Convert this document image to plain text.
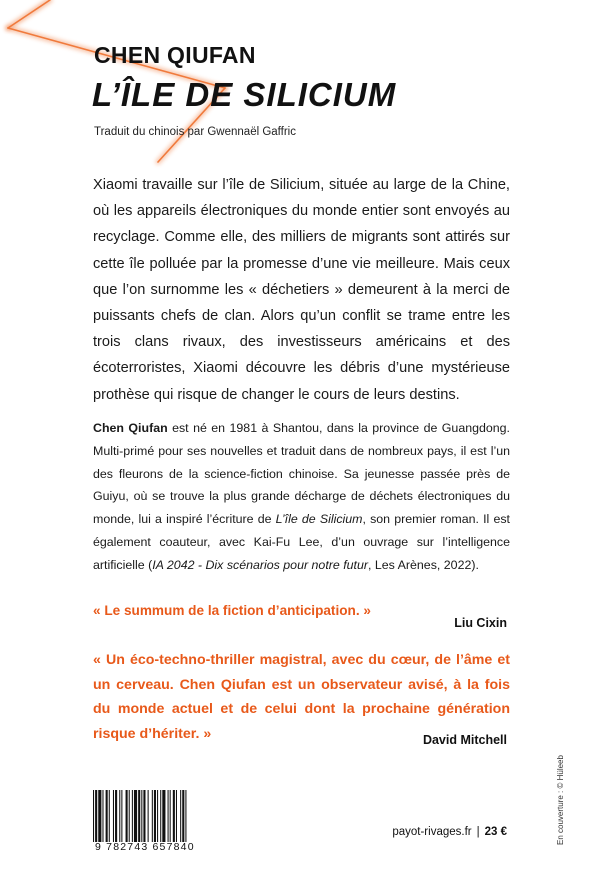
CHEN QIUFAN
L’ÎLE DE SILICIUM
Traduit du chinois par Gwennaël Gaffric
Xiaomi travaille sur l’île de Silicium, située au large de la Chine, où les appareils électroniques du monde entier sont envoyés au recyclage. Comme elle, des milliers de migrants sont attirés sur cette île polluée par la promesse d’une vie meilleure. Mais ceux que l’on surnomme les « déchetiers » demeurent à la merci de puissants chefs de clan. Alors qu’un conflit se trame entre les trois clans rivaux, des investisseurs américains et des écoterroristes, Xiaomi découvre les débris d’une mystérieuse prothèse qui risque de changer le cours de leurs destins.
Chen Qiufan est né en 1981 à Shantou, dans la province de Guangdong. Multi-primé pour ses nouvelles et traduit dans de nombreux pays, il est l’un des fleurons de la science-fiction chinoise. Sa jeunesse passée près de Guiyu, où se trouve la plus grande décharge de déchets électroniques du monde, lui a inspiré l’écriture de L’île de Silicium, son premier roman. Il est également coauteur, avec Kai-Fu Lee, d’un ouvrage sur l’intelligence artificielle (IA 2042 - Dix scénarios pour notre futur, Les Arènes, 2022).
« Le summum de la fiction d’anticipation. »
Liu Cixin
« Un éco-techno-thriller magistral, avec du cœur, de l’âme et un cerveau. Chen Qiufan est un observateur avisé, à la fois du monde actuel et de celui dont la prochaine génération risque d’hériter. »	David Mitchell
9 782743 657840
payot-rivages.fr | 23 €	En couverture : © Hüleeb
